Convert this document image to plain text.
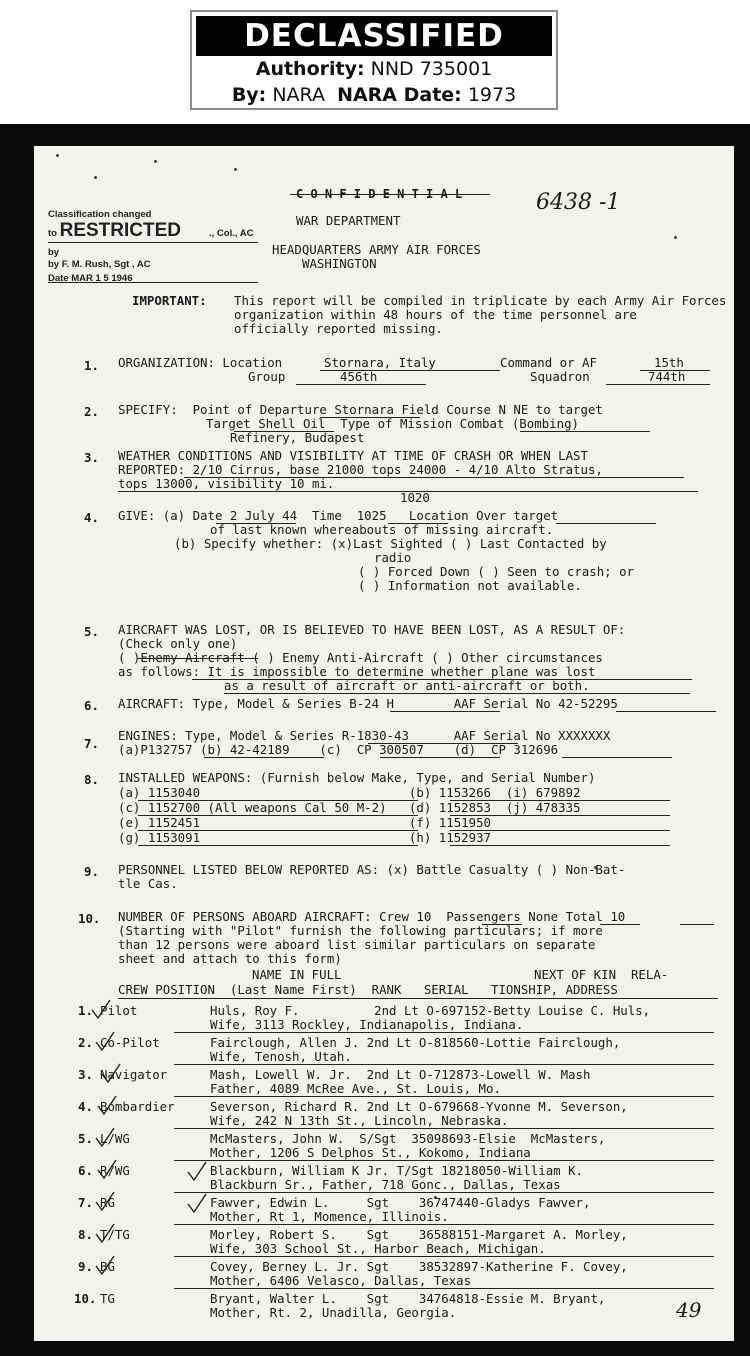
DECLASSIFIED
Authority: NND 735001
By: NARA NARA Date: 1973
Classification changed
to RESTRICTED	., Col., AC
by
by F. M. Rush, Sgt , AC
Date MAR 1 5 1946
C O N F I D E N T I A L
WAR DEPARTMENT
HEADQUARTERS ARMY AIR FORCES
WASHINGTON
6438 -1
IMPORTANT: This report will be compiled in triplicate by each Army Air Forces
organization within 48 hours of the time personnel are
officially reported missing.
1. ORGANIZATION: Location	Stornara, Italy	Command or AF	15th
Group	456th	Squadron	744th
2. SPECIFY:  Point of Departure Stornara Field Course N NE to target
Target Shell Oil  Type of Mission Combat (Bombing)
Refinery, Budapest
3. WEATHER CONDITIONS AND VISIBILITY AT TIME OF CRASH OR WHEN LAST
REPORTED: 2/10 Cirrus, base 21000 tops 24000 - 4/10 Alto Stratus,
tops 13000, visibility 10 mi.
1020
4. GIVE: (a) Date 2 July 44  Time  1025   Location Over target
of last known whereabouts of missing aircraft.
(b) Specify whether: (x)Last Sighted ( ) Last Contacted by
radio
( ) Forced Down ( ) Seen to crash; or
( ) Information not available.
5. AIRCRAFT WAS LOST, OR IS BELIEVED TO HAVE BEEN LOST, AS A RESULT OF:
(Check only one)
( )Enemy Aircraft ( ) Enemy Anti-Aircraft ( ) Other circumstances
as follows: It is impossible to determine whether plane was lost
as a result of aircraft or anti-aircraft or both.
6. AIRCRAFT: Type, Model & Series B-24 H        AAF Serial No 42-52295
7.
ENGINES: Type, Model & Series R-1830-43      AAF Serial No XXXXXXX
(a)P132757 (b) 42-42189    (c)  CP 300507    (d)  CP 312696
8. INSTALLED WEAPONS: (Furnish below Make, Type, and Serial Number)
(a) 1153040                            (b) 1153266  (i) 679892
(c) 1152700 (All weapons Cal 50 M-2)   (d) 1152853  (j) 478335
(e) 1152451                            (f) 1151950
(g) 1153091                            (h) 1152937
9. PERSONNEL LISTED BELOW REPORTED AS: (x) Battle Casualty ( ) Non-Bat-
tle Cas.
10. NUMBER OF PERSONS ABOARD AIRCRAFT: Crew 10  Passengers None Total 10
(Starting with "Pilot" furnish the following particulars; if more
than 12 persons were aboard list similar particulars on separate
sheet and attach to this form)
NAME IN FULL	NEXT OF KIN  RELA-
CREW POSITION  (Last Name First)  RANK   SERIAL   TIONSHIP, ADDRESS
1. Pilot	Huls, Roy F.          2nd Lt O-697152-Betty Louise C. Huls,
Wife, 3113 Rockley, Indianapolis, Indiana.
2. Co-Pilot	Fairclough, Allen J. 2nd Lt O-818560-Lottie Fairclough,
Wife, Tenosh, Utah.
3. Navigator	Mash, Lowell W. Jr.  2nd Lt O-712873-Lowell W. Mash
Father, 4089 McRee Ave., St. Louis, Mo.
4. Bombardier	Severson, Richard R. 2nd Lt O-679668-Yvonne M. Severson,
Wife, 242 N 13th St., Lincoln, Nebraska.
5. L/WG	McMasters, John W.  S/Sgt  35098693-Elsie  McMasters,
Mother, 1206 S Delphos St., Kokomo, Indiana
6. R/WG	Blackburn, William K Jr. T/Sgt 18218050-William K.
Blackburn Sr., Father, 718 Gonc., Dallas, Texas
7. RG	Fawver, Edwin L.     Sgt    36747440-Gladys Fawver,
Mother, Rt 1, Momence, Illinois.
8. T/TG	Morley, Robert S.    Sgt    36588151-Margaret A. Morley,
Wife, 303 School St., Harbor Beach, Michigan.
9. BG	Covey, Berney L. Jr. Sgt    38532897-Katherine F. Covey,
Mother, 6406 Velasco, Dallas, Texas
10. TG	Bryant, Walter L.    Sgt    34764818-Essie M. Bryant,
Mother, Rt. 2, Unadilla, Georgia.	49
